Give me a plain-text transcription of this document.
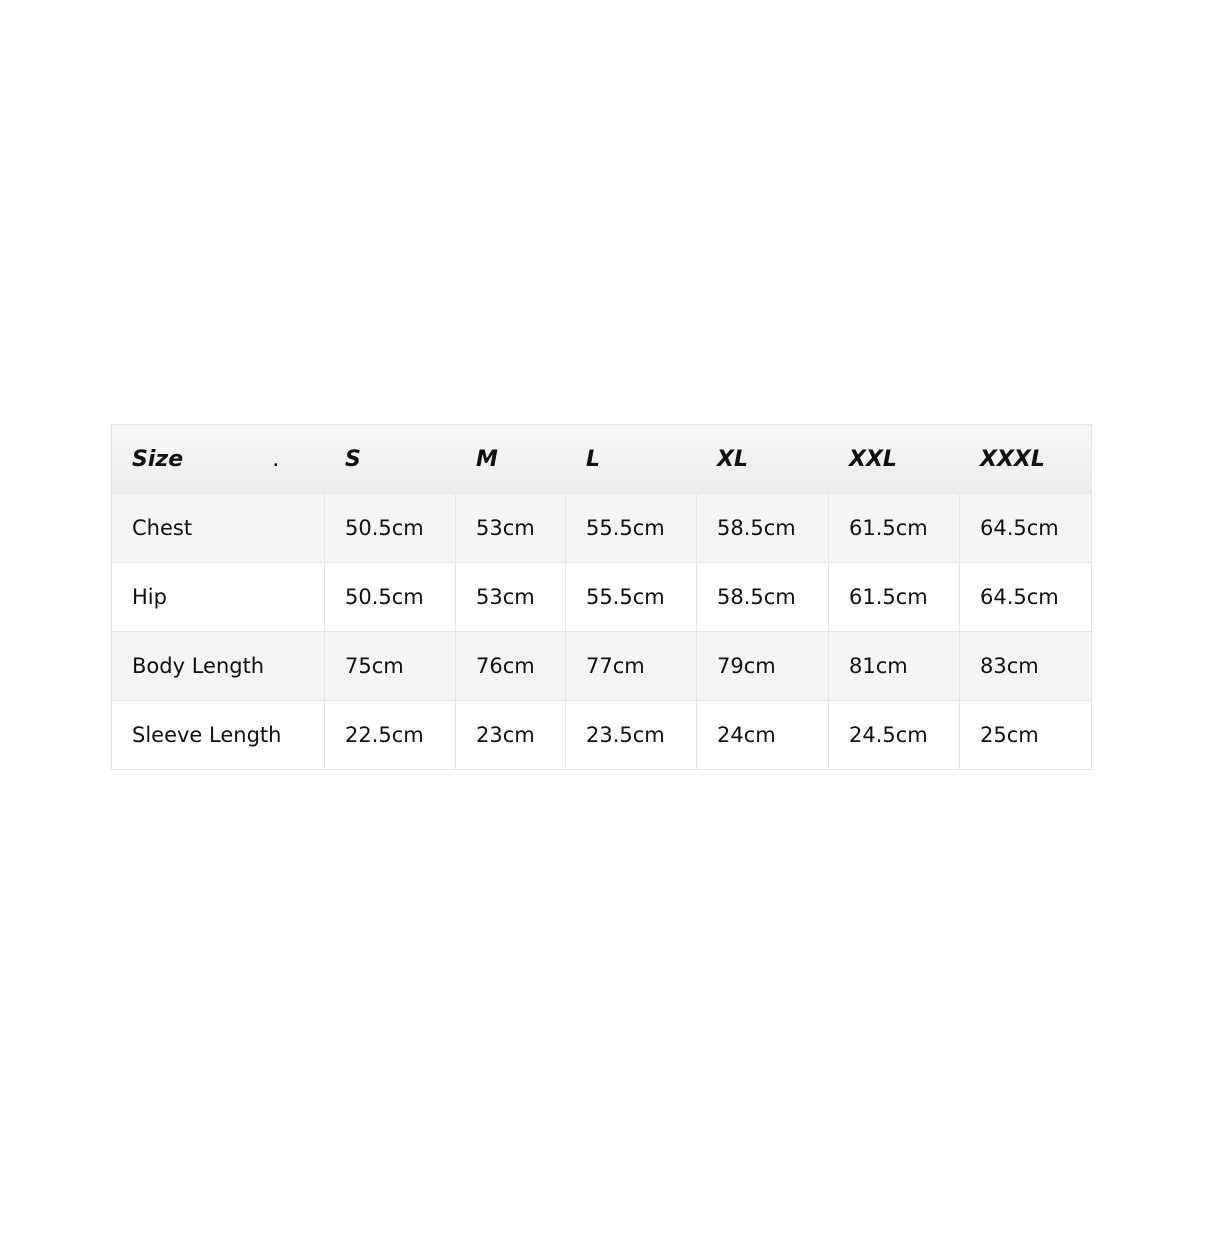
Size .	S	M	L	XL	XXL	XXXL
Chest	50.5cm	53cm	55.5cm	58.5cm	61.5cm	64.5cm
Hip	50.5cm	53cm	55.5cm	58.5cm	61.5cm	64.5cm
Body Length	75cm	76cm	77cm	79cm	81cm	83cm
Sleeve Length	22.5cm	23cm	23.5cm	24cm	24.5cm	25cm
